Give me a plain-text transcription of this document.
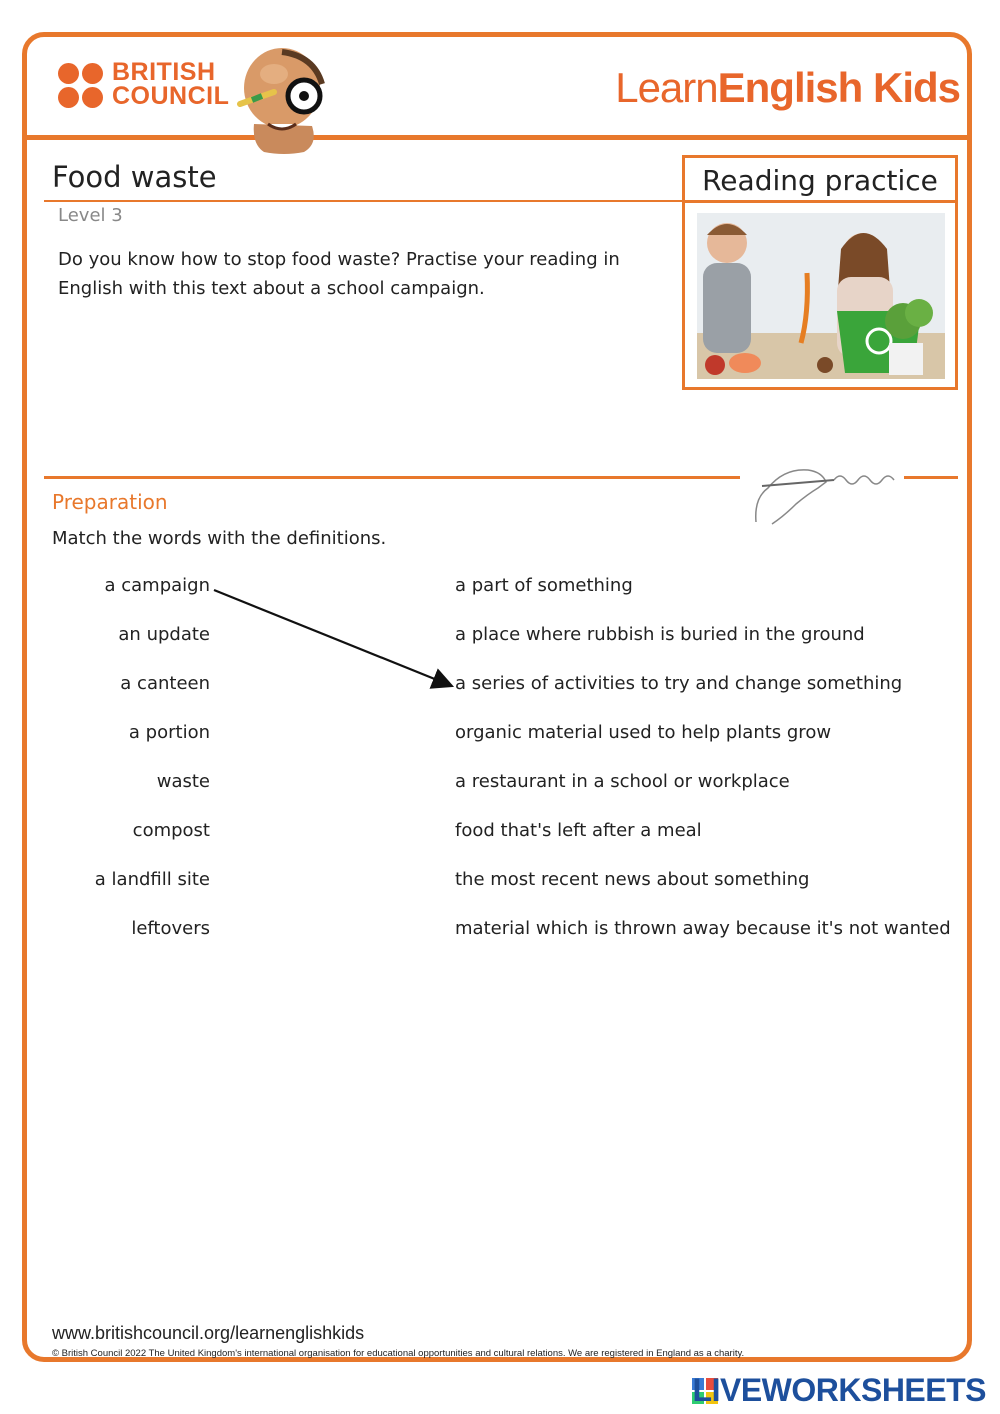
BRITISH
COUNCIL	LearnEnglish Kids
Food waste
Level 3
Do you know how to stop food waste? Practise your reading in English with this text about a school campaign.
Reading practice
Preparation
Match the words with the definitions.
a campaign
an update
a canteen
a portion
waste
compost
a landfill site
leftovers
a part of something
a place where rubbish is buried in the ground
a series of activities to try and change something
organic material used to help plants grow
a restaurant in a school or workplace
food that's left after a meal
the most recent news about something
material which is thrown away because it's not wanted
www.britishcouncil.org/learnenglishkids
© British Council 2022 The United Kingdom's international organisation for educational opportunities and cultural relations. We are registered in England as a charity.
LIVEWORKSHEETS
